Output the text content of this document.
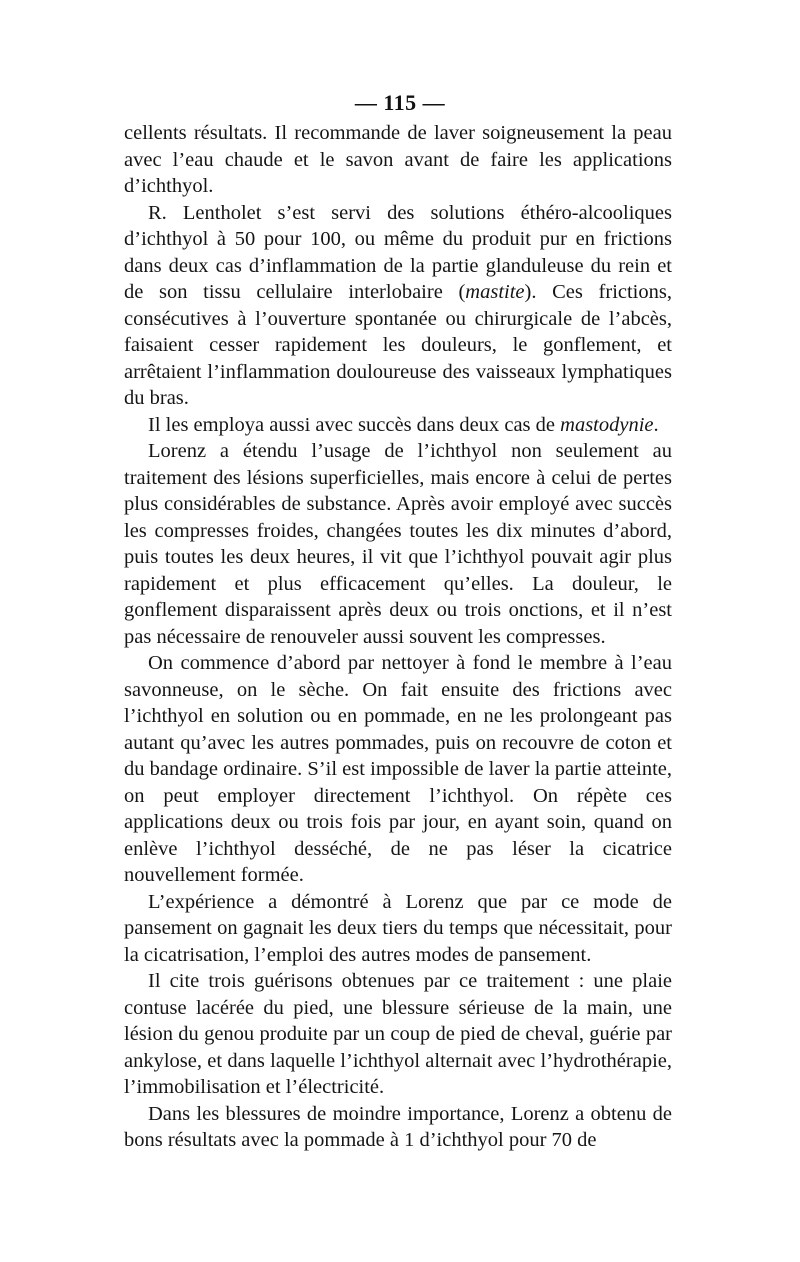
— 115 —

cellents résultats. Il recommande de laver soigneusement la peau avec l’eau chaude et le savon avant de faire les applications d’ichthyol.

R. Lentholet s’est servi des solutions éthéro-alcooliques d’ichthyol à 50 pour 100, ou même du produit pur en frictions dans deux cas d’inflammation de la partie glanduleuse du rein et de son tissu cellulaire interlobaire (mastite). Ces frictions, consécutives à l’ouverture spontanée ou chirurgicale de l’abcès, faisaient cesser rapidement les douleurs, le gonflement, et arrêtaient l’inflammation douloureuse des vaisseaux lymphatiques du bras.

Il les employa aussi avec succès dans deux cas de mastodynie.

Lorenz a étendu l’usage de l’ichthyol non seulement au traitement des lésions superficielles, mais encore à celui de pertes plus considérables de substance. Après avoir employé avec succès les compresses froides, changées toutes les dix minutes d’abord, puis toutes les deux heures, il vit que l’ichthyol pouvait agir plus rapidement et plus efficacement qu’elles. La douleur, le gonflement disparaissent après deux ou trois onctions, et il n’est pas nécessaire de renouveler aussi souvent les compresses.

On commence d’abord par nettoyer à fond le membre à l’eau savonneuse, on le sèche. On fait ensuite des frictions avec l’ichthyol en solution ou en pommade, en ne les prolongeant pas autant qu’avec les autres pommades, puis on recouvre de coton et du bandage ordinaire. S’il est impossible de laver la partie atteinte, on peut employer directement l’ichthyol. On répète ces applications deux ou trois fois par jour, en ayant soin, quand on enlève l’ichthyol desséché, de ne pas léser la cicatrice nouvellement formée.

L’expérience a démontré à Lorenz que par ce mode de pansement on gagnait les deux tiers du temps que nécessitait, pour la cicatrisation, l’emploi des autres modes de pansement.

Il cite trois guérisons obtenues par ce traitement : une plaie contuse lacérée du pied, une blessure sérieuse de la main, une lésion du genou produite par un coup de pied de cheval, guérie par ankylose, et dans laquelle l’ichthyol alternait avec l’hydrothérapie, l’immobilisation et l’électricité.

Dans les blessures de moindre importance, Lorenz a obtenu de bons résultats avec la pommade à 1 d’ichthyol pour 70 de
